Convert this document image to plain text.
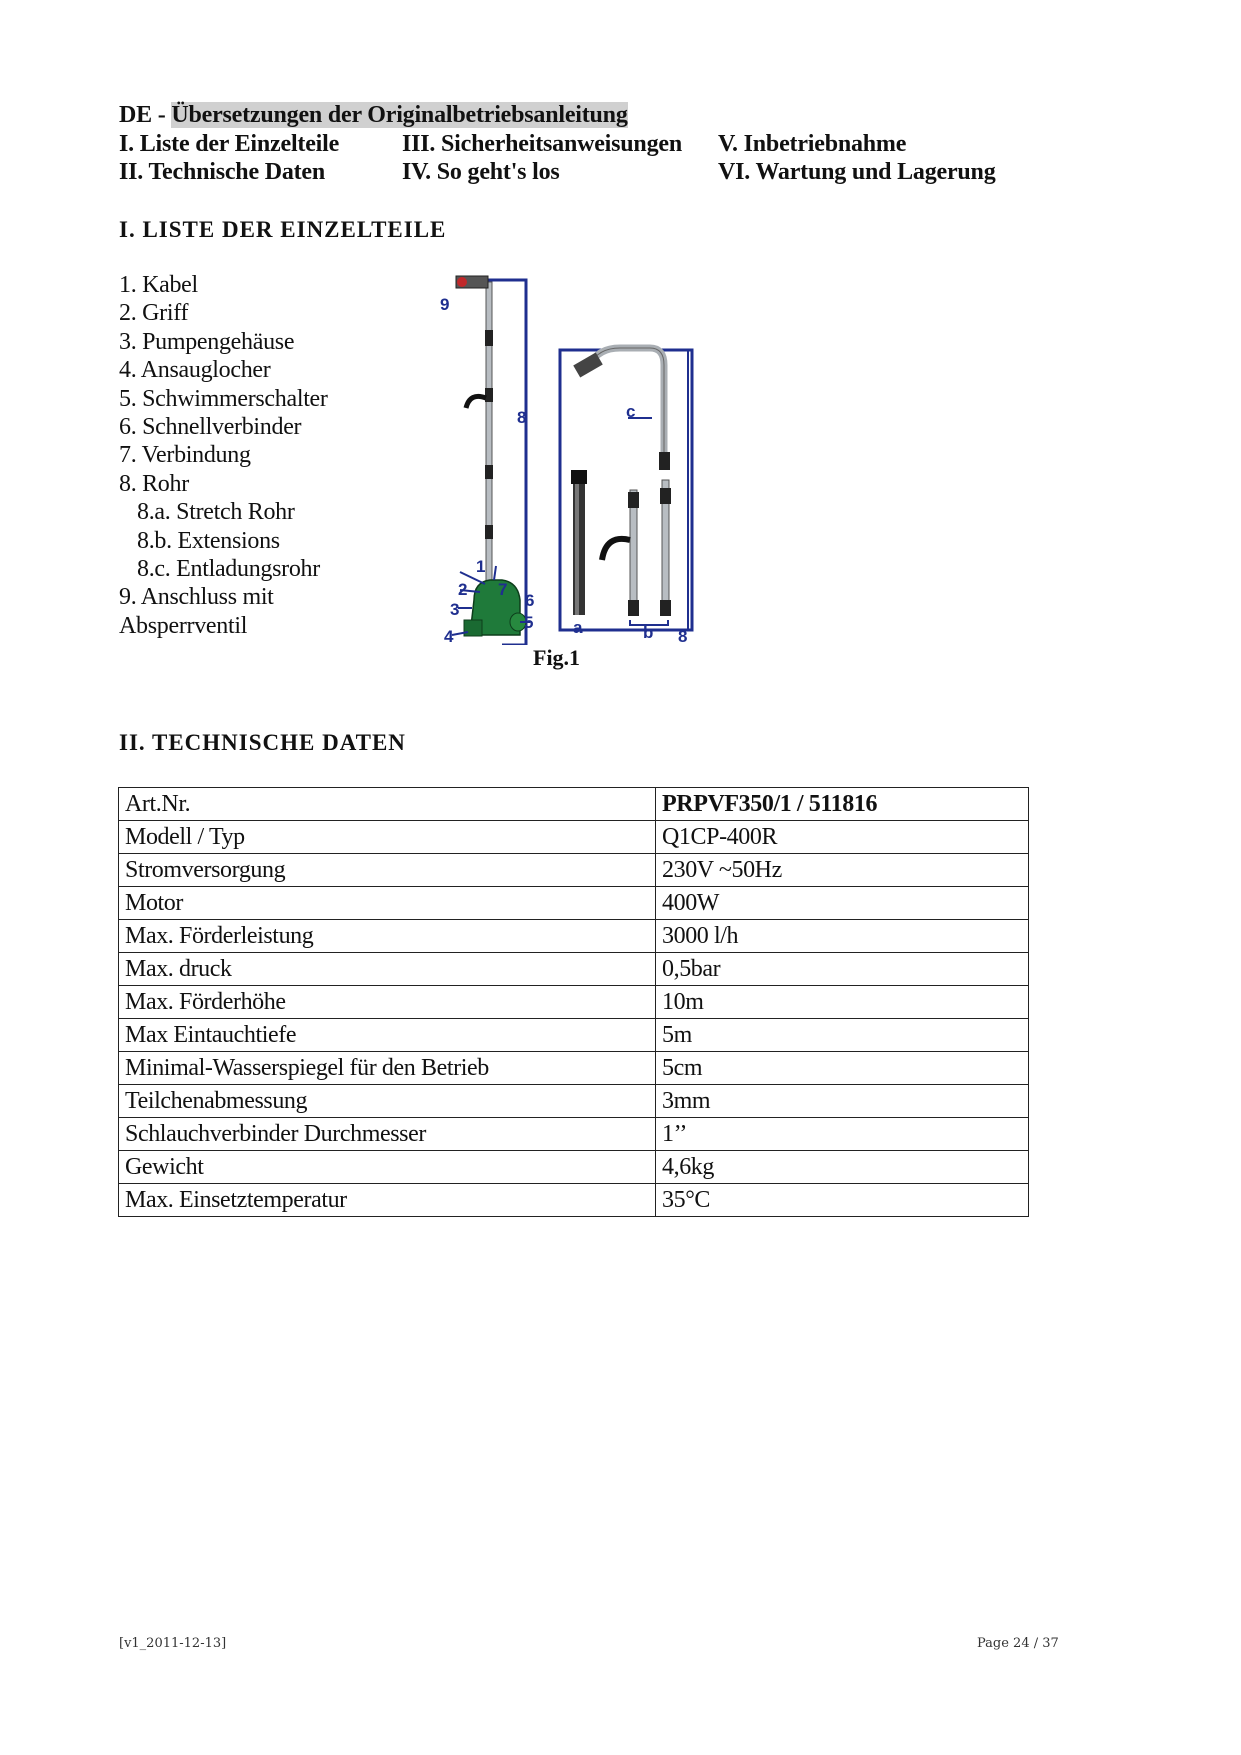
DE - Übersetzungen der Originalbetriebsanleitung
I. Liste der Einzelteile
II. Technische Daten
III. Sicherheitsanweisungen
IV. So geht's los
V. Inbetriebnahme
VI. Wartung und Lagerung
I. LISTE DER EINZELTEILE
1. Kabel
2. Griff
3. Pumpengehäuse
4. Ansauglocher
5. Schwimmerschalter
6. Schnellverbinder
7. Verbindung
8. Rohr
8.a. Stretch Rohr
8.b. Extensions
8.c. Entladungsrohr
9. Anschluss mit
Absperrventil
9
8
1
2 7
6
3
5
4
c
a	b 8
Fig.1
II. TECHNISCHE DATEN
Art.Nr.	PRPVF350/1 / 511816
Modell / Typ	Q1CP-400R
Stromversorgung	230V ~50Hz
Motor	400W
Max. Förderleistung	3000 l/h
Max. druck	0,5bar
Max. Förderhöhe	10m
Max Eintauchtiefe	5m
Minimal-Wasserspiegel für den Betrieb	5cm
Teilchenabmessung	3mm
Schlauchverbinder Durchmesser	1’’
Gewicht	4,6kg
Max. Einsetztemperatur	35°C
[v1_2011-12-13]	Page 24 / 37
